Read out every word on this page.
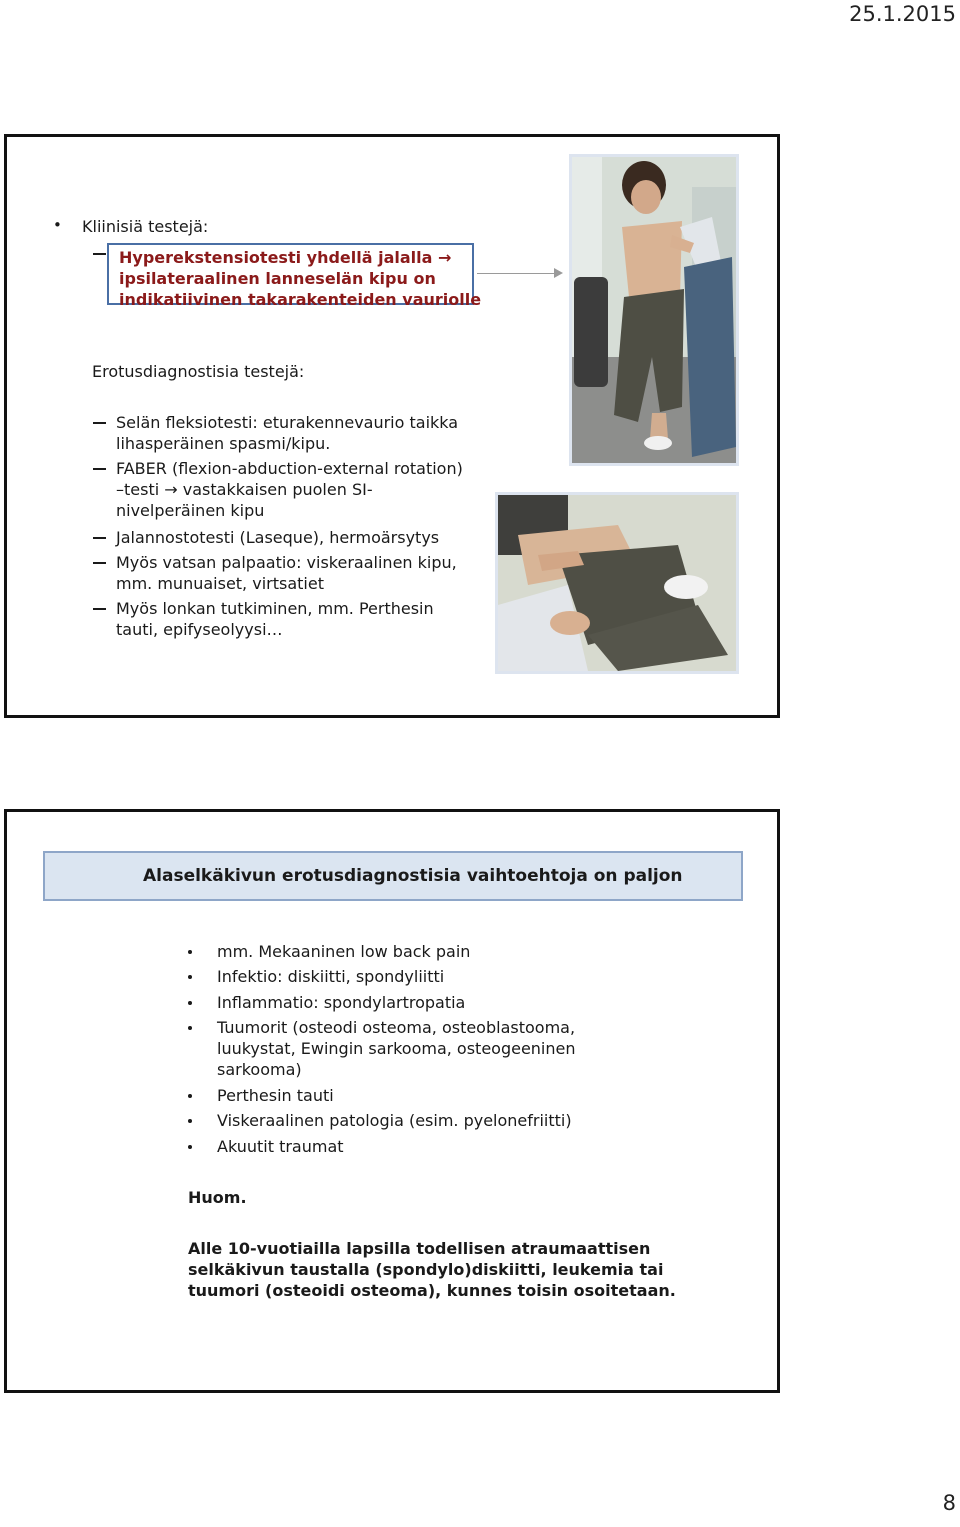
25.1.2015
• Kliinisiä testejä:
Hyperekstensiotesti yhdellä jalalla →
ipsilateraalinen lanneselän kipu on
indikatiivinen takarakenteiden vauriolle
Erotusdiagnostisia testejä:
Selän fleksiotesti: eturakennevaurio taikka
lihasperäinen spasmi/kipu.
FABER (flexion-abduction-external rotation)
–testi → vastakkaisen puolen SI-
nivelperäinen kipu
Jalannostotesti (Laseque), hermoärsytys
Myös vatsan palpaatio: viskeraalinen kipu,
mm. munuaiset, virtsatiet
Myös lonkan tutkiminen, mm. Perthesin
tauti, epifyseolyysi…
Alaselkäkivun erotusdiagnostisia vaihtoehtoja on paljon
mm. Mekaaninen low back pain
Infektio: diskiitti, spondyliitti
Inflammatio: spondylartropatia
Tuumorit (osteodi osteoma, osteoblastooma,
luukystat, Ewingin sarkooma, osteogeeninen
sarkooma)
Perthesin tauti
Viskeraalinen patologia (esim. pyelonefriitti)
Akuutit traumat
Huom.
Alle 10-vuotiailla lapsilla todellisen atraumaattisen
selkäkivun taustalla (spondylo)diskiitti, leukemia tai
tuumori (osteoidi osteoma), kunnes toisin osoitetaan.
8
